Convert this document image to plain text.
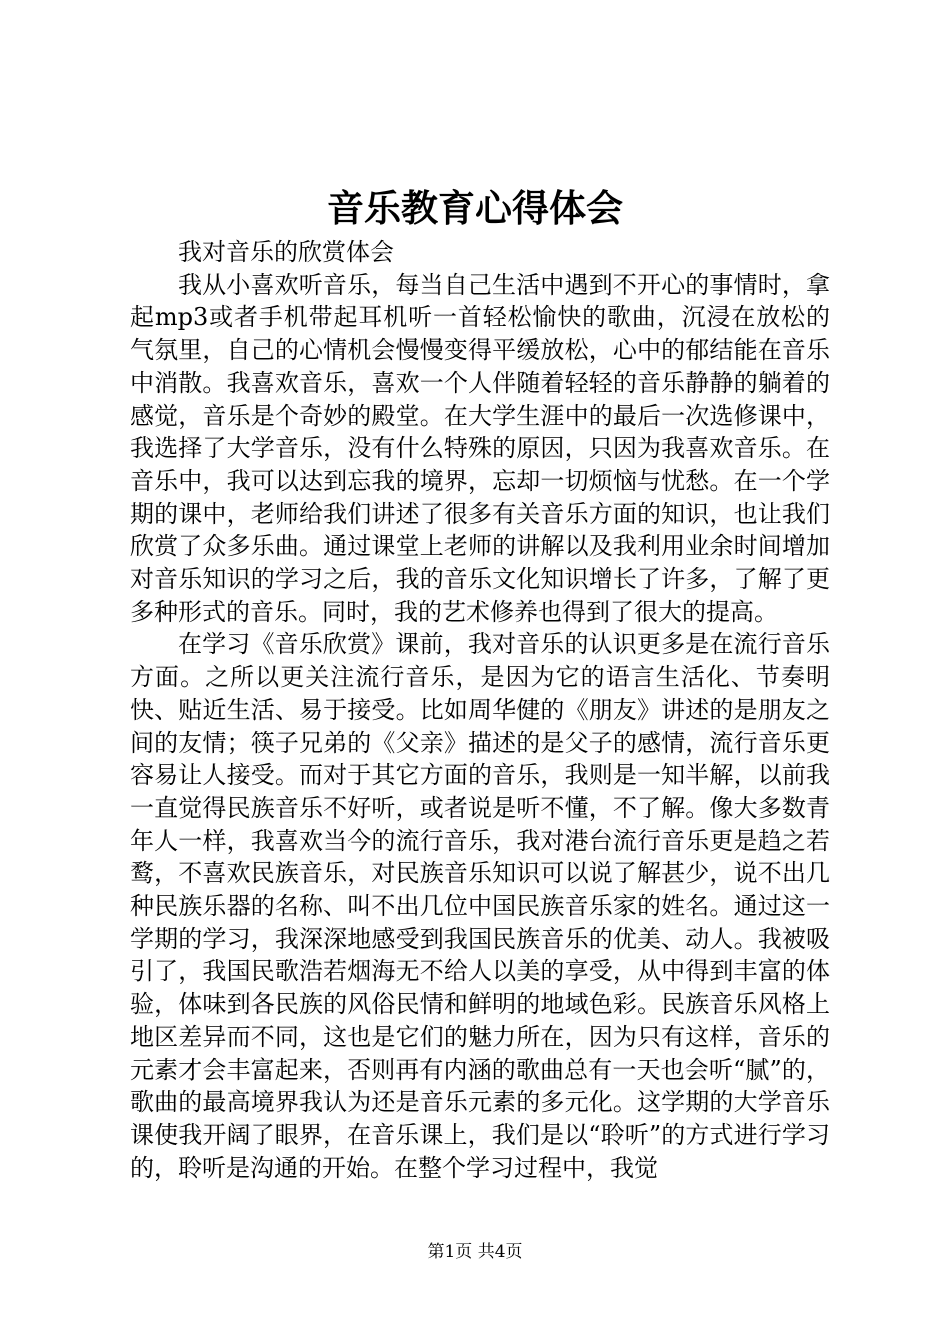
音乐教育心得体会

我对音乐的欣赏体会

我从小喜欢听音乐，每当自己生活中遇到不开心的事情时，拿起mp3或者手机带起耳机听一首轻松愉快的歌曲，沉浸在放松的气氛里，自己的心情机会慢慢变得平缓放松，心中的郁结能在音乐中消散。我喜欢音乐，喜欢一个人伴随着轻轻的音乐静静的躺着的感觉，音乐是个奇妙的殿堂。在大学生涯中的最后一次选修课中，我选择了大学音乐，没有什么特殊的原因，只因为我喜欢音乐。在音乐中，我可以达到忘我的境界，忘却一切烦恼与忧愁。在一个学期的课中，老师给我们讲述了很多有关音乐方面的知识，也让我们欣赏了众多乐曲。通过课堂上老师的讲解以及我利用业余时间增加对音乐知识的学习之后，我的音乐文化知识增长了许多，了解了更多种形式的音乐。同时，我的艺术修养也得到了很大的提高。

在学习《音乐欣赏》课前，我对音乐的认识更多是在流行音乐方面。之所以更关注流行音乐，是因为它的语言生活化、节奏明快、贴近生活、易于接受。比如周华健的《朋友》讲述的是朋友之间的友情；筷子兄弟的《父亲》描述的是父子的感情，流行音乐更容易让人接受。而对于其它方面的音乐，我则是一知半解，以前我一直觉得民族音乐不好听，或者说是听不懂，不了解。像大多数青年人一样，我喜欢当今的流行音乐，我对港台流行音乐更是趋之若鹜，不喜欢民族音乐，对民族音乐知识可以说了解甚少，说不出几种民族乐器的名称、叫不出几位中国民族音乐家的姓名。通过这一学期的学习，我深深地感受到我国民族音乐的优美、动人。我被吸引了，我国民歌浩若烟海无不给人以美的享受，从中得到丰富的体验，体味到各民族的风俗民情和鲜明的地域色彩。民族音乐风格上地区差异而不同，这也是它们的魅力所在，因为只有这样，音乐的元素才会丰富起来，否则再有内涵的歌曲总有一天也会听“腻”的，歌曲的最高境界我认为还是音乐元素的多元化。这学期的大学音乐课使我开阔了眼界，在音乐课上，我们是以“聆听”的方式进行学习的，聆听是沟通的开始。在整个学习过程中，我觉

第1页 共4页
